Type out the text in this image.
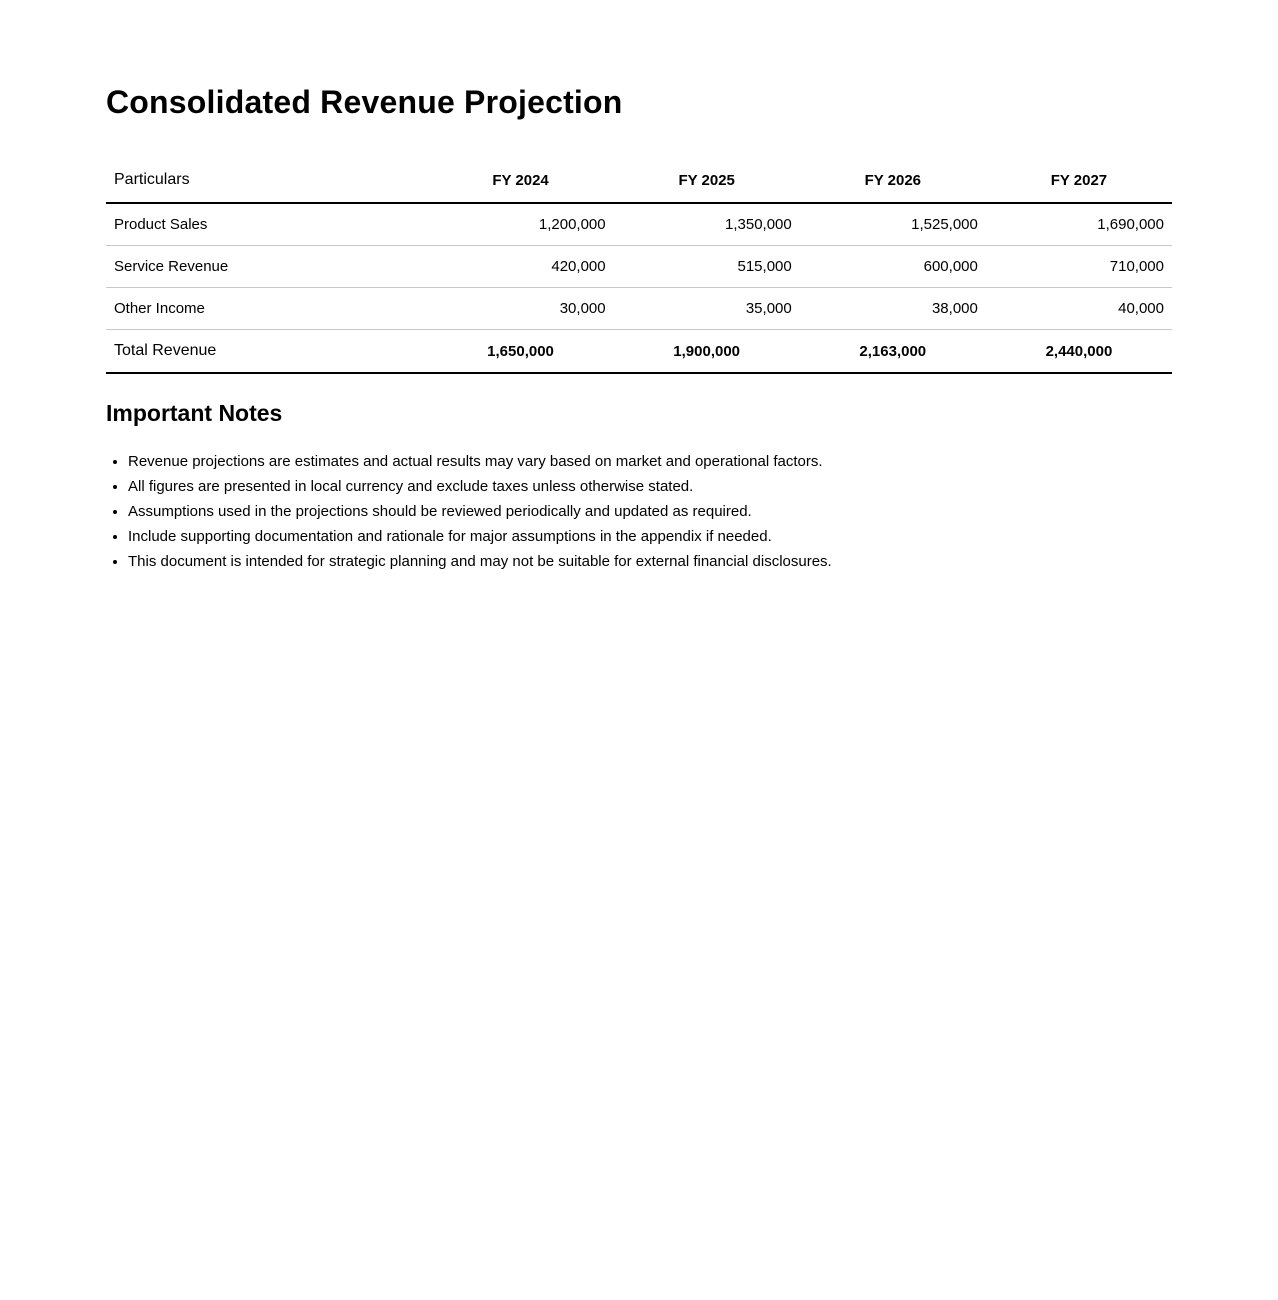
Consolidated Revenue Projection
Particulars	FY 2024	FY 2025	FY 2026	FY 2027
Product Sales	1,200,000	1,350,000	1,525,000	1,690,000
Service Revenue	420,000	515,000	600,000	710,000
Other Income	30,000	35,000	38,000	40,000
Total Revenue	1,650,000	1,900,000	2,163,000	2,440,000
Important Notes
• Revenue projections are estimates and actual results may vary based on market and operational factors.
• All figures are presented in local currency and exclude taxes unless otherwise stated.
• Assumptions used in the projections should be reviewed periodically and updated as required.
• Include supporting documentation and rationale for major assumptions in the appendix if needed.
• This document is intended for strategic planning and may not be suitable for external financial disclosures.
